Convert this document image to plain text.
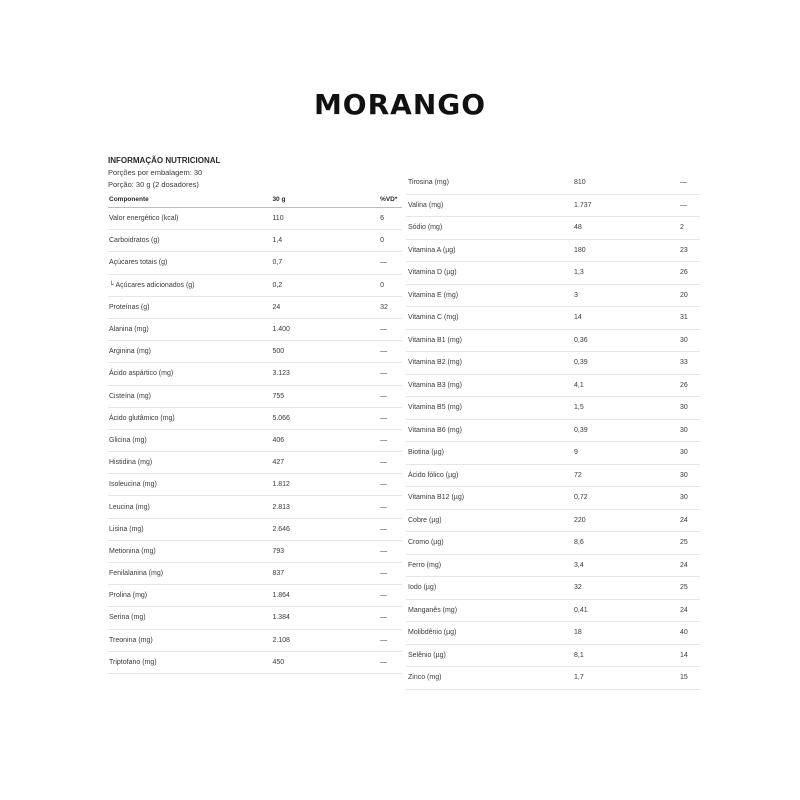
MORANGO
INFORMAÇÃO NUTRICIONAL
Porções por embalagem: 30
Porção: 30 g (2 dosadores)
Componente	30 g	%VD*
Valor energético (kcal)	110	6
Carboidratos (g)	1,4	0
Açúcares totais (g)	0,7	—
└ Açúcares adicionados (g)	0,2	0
Proteínas (g)	24	32
Alanina (mg)	1.400	—
Arginina (mg)	500	—
Ácido aspártico (mg)	3.123	—
Cisteína (mg)	755	—
Ácido glutâmico (mg)	5.066	—
Glicina (mg)	406	—
Histidina (mg)	427	—
Isoleucina (mg)	1.812	—
Leucina (mg)	2.813	—
Lisina (mg)	2.646	—
Metionina (mg)	793	—
Fenilalanina (mg)	837	—
Prolina (mg)	1.864	—
Serina (mg)	1.384	—
Treonina (mg)	2.108	—
Triptofano (mg)	450	—
Tirosina (mg)	810	—
Valina (mg)	1.737	—
Sódio (mg)	48	2
Vitamina A (µg)	180	23
Vitamina D (µg)	1,3	26
Vitamina E (mg)	3	20
Vitamina C (mg)	14	31
Vitamina B1 (mg)	0,36	30
Vitamina B2 (mg)	0,39	33
Vitamina B3 (mg)	4,1	26
Vitamina B5 (mg)	1,5	30
Vitamina B6 (mg)	0,39	30
Biotina (µg)	9	30
Ácido fólico (µg)	72	30
Vitamina B12 (µg)	0,72	30
Cobre (µg)	220	24
Cromo (µg)	8,6	25
Ferro (mg)	3,4	24
Iodo (µg)	32	25
Manganês (mg)	0,41	24
Molibdênio (µg)	18	40
Selênio (µg)	8,1	14
Zinco (mg)	1,7	15
